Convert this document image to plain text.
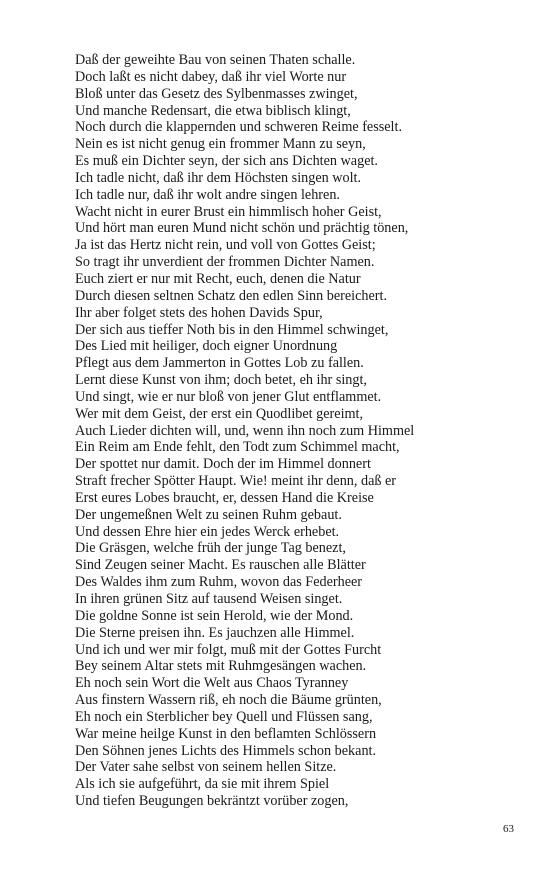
Daß der geweihte Bau von seinen Thaten schalle.
Doch laßt es nicht dabey, daß ihr viel Worte nur
Bloß unter das Gesetz des Sylbenmasses zwinget,
Und manche Redensart, die etwa biblisch klingt,
Noch durch die klappernden und schweren Reime fesselt.
Nein es ist nicht genug ein frommer Mann zu seyn,
Es muß ein Dichter seyn, der sich ans Dichten waget.
Ich tadle nicht, daß ihr dem Höchsten singen wolt.
Ich tadle nur, daß ihr wolt andre singen lehren.
Wacht nicht in eurer Brust ein himmlisch hoher Geist,
Und hört man euren Mund nicht schön und prächtig tönen,
Ja ist das Hertz nicht rein, und voll von Gottes Geist;
So tragt ihr unverdient der frommen Dichter Namen.
Euch ziert er nur mit Recht, euch, denen die Natur
Durch diesen seltnen Schatz den edlen Sinn bereichert.
Ihr aber folget stets des hohen Davids Spur,
Der sich aus tieffer Noth bis in den Himmel schwinget,
Des Lied mit heiliger, doch eigner Unordnung
Pflegt aus dem Jammerton in Gottes Lob zu fallen.
Lernt diese Kunst von ihm; doch betet, eh ihr singt,
Und singt, wie er nur bloß von jener Glut entflammet.
Wer mit dem Geist, der erst ein Quodlibet gereimt,
Auch Lieder dichten will, und, wenn ihn noch zum Himmel
Ein Reim am Ende fehlt, den Todt zum Schimmel macht,
Der spottet nur damit. Doch der im Himmel donnert
Straft frecher Spötter Haupt. Wie! meint ihr denn, daß er
Erst eures Lobes braucht, er, dessen Hand die Kreise
Der ungemeßnen Welt zu seinen Ruhm gebaut.
Und dessen Ehre hier ein jedes Werck erhebet.
Die Gräsgen, welche früh der junge Tag benezt,
Sind Zeugen seiner Macht. Es rauschen alle Blätter
Des Waldes ihm zum Ruhm, wovon das Federheer
In ihren grünen Sitz auf tausend Weisen singet.
Die goldne Sonne ist sein Herold, wie der Mond.
Die Sterne preisen ihn. Es jauchzen alle Himmel.
Und ich und wer mir folgt, muß mit der Gottes Furcht
Bey seinem Altar stets mit Ruhmgesängen wachen.
Eh noch sein Wort die Welt aus Chaos Tyranney
Aus finstern Wassern riß, eh noch die Bäume grünten,
Eh noch ein Sterblicher bey Quell und Flüssen sang,
War meine heilge Kunst in den beflamten Schlössern
Den Söhnen jenes Lichts des Himmels schon bekant.
Der Vater sahe selbst von seinem hellen Sitze.
Als ich sie aufgeführt, da sie mit ihrem Spiel
Und tiefen Beugungen bekräntzt vorüber zogen,
63
